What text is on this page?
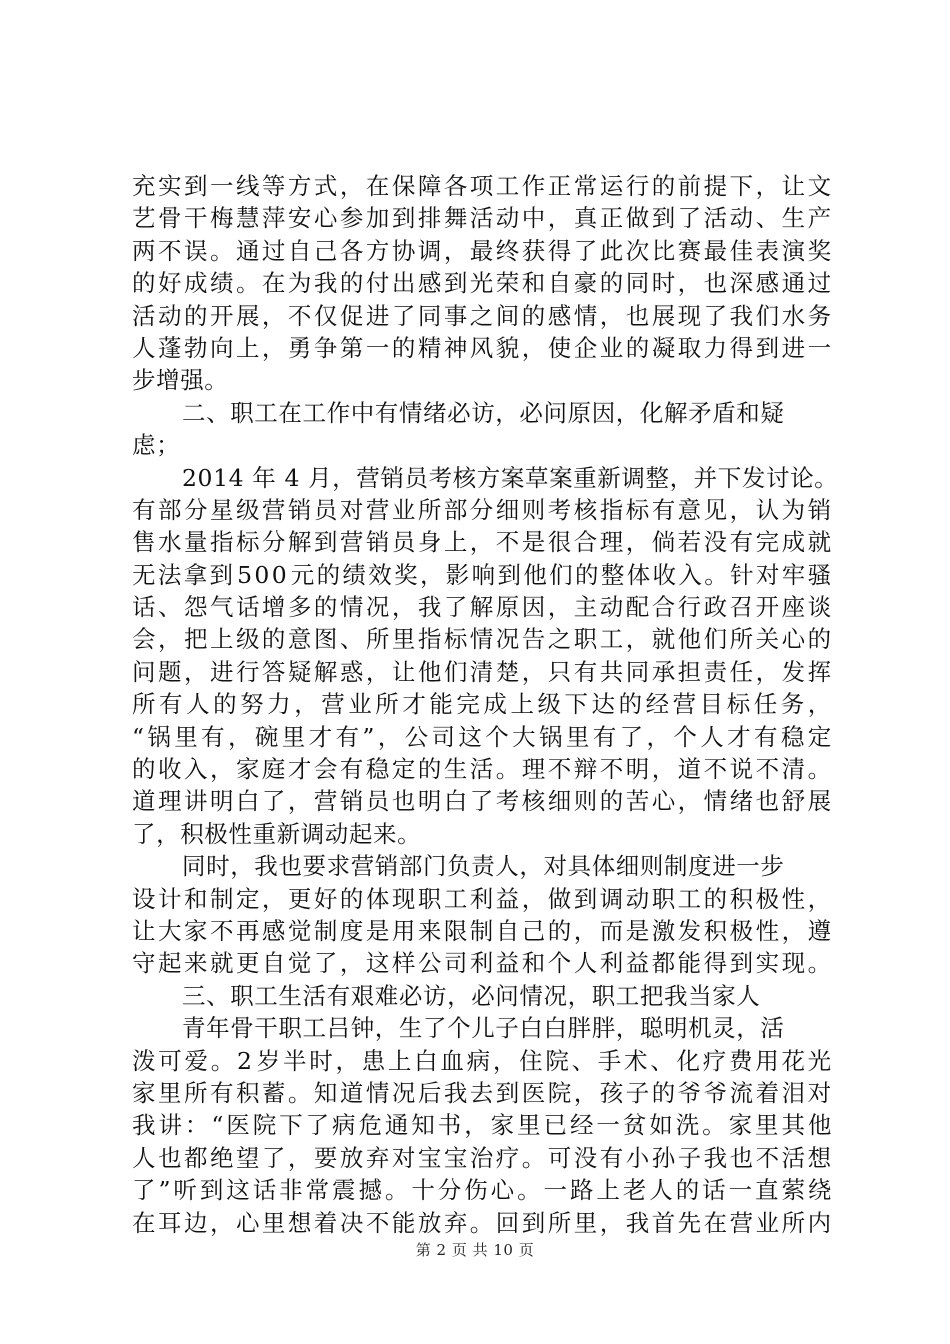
充 实 到 一 线 等 方 式 ， 在 保 障 各 项 工 作 正 常 运 行 的 前 提 下 ， 让 文
艺 骨 干 梅 慧 萍 安 心 参 加 到 排 舞 活 动 中 ， 真 正 做 到 了 活 动 、 生 产
两 不 误 。 通 过 自 己 各 方 协 调 ， 最 终 获 得 了 此 次 比 赛 最 佳 表 演 奖
的 好 成 绩 。 在 为 我 的 付 出 感 到 光 荣 和 自 豪 的 同 时 ， 也 深 感 通 过
活 动 的 开 展 ， 不 仅 促 进 了 同 事 之 间 的 感 情 ， 也 展 现 了 我 们 水 务
人 蓬 勃 向 上 ， 勇 争 第 一 的 精 神 风 貌 ， 使 企 业 的 凝 取 力 得 到 进 一
步增强。
二、职工在工作中有情绪必访，必问原因，化解矛盾和疑
虑；
2014 年 4 月，营销员考核方案草案重新调整，并下发讨论。
有 部 分 星 级 营 销 员 对 营 业 所 部 分 细 则 考 核 指 标 有 意 见 ， 认 为 销
售 水 量 指 标 分 解 到 营 销 员 身 上 ， 不 是 很 合 理 ， 倘 若 没 有 完 成 就
无 法 拿 到 5 0 0 元 的 绩 效 奖 ， 影 响 到 他 们 的 整 体 收 入 。 针 对 牢 骚
话 、 怨 气 话 增 多 的 情 况 ， 我 了 解 原 因 ， 主 动 配 合 行 政 召 开 座 谈
会 ， 把 上 级 的 意 图 、 所 里 指 标 情 况 告 之 职 工 ， 就 他 们 所 关 心 的
问 题 ， 进 行 答 疑 解 惑 ， 让 他 们 清 楚 ， 只 有 共 同 承 担 责 任 ， 发 挥
所 有 人 的 努 力 ， 营 业 所 才 能 完 成 上 级 下 达 的 经 营 目 标 任 务 ，
“ 锅 里 有 ， 碗 里 才 有 ” ， 公 司 这 个 大 锅 里 有 了 ， 个 人 才 有 稳 定
的 收 入 ， 家 庭 才 会 有 稳 定 的 生 活 。 理 不 辩 不 明 ， 道 不 说 不 清 。
道 理 讲 明 白 了 ， 营 销 员 也 明 白 了 考 核 细 则 的 苦 心 ， 情 绪 也 舒 展
了，积极性重新调动起来。
同时，我也要求营销部门负责人，对具体细则制度进一步
设 计 和 制 定 ， 更 好 的 体 现 职 工 利 益 ， 做 到 调 动 职 工 的 积 极 性 ，
让 大 家 不 再 感 觉 制 度 是 用 来 限 制 自 己 的 ， 而 是 激 发 积 极 性 ， 遵
守 起 来 就 更 自 觉 了 ， 这 样 公 司 利 益 和 个 人 利 益 都 能 得 到 实 现 。
三、职工生活有艰难必访，必问情况，职工把我当家人
青年骨干职工吕钟，生了个儿子白白胖胖，聪明机灵，活
泼 可 爱 。 2 岁 半 时 ， 患 上 白 血 病 ， 住 院 、 手 术 、 化 疗 费 用 花 光
家 里 所 有 积 蓄 。 知 道 情 况 后 我 去 到 医 院 ， 孩 子 的 爷 爷 流 着 泪 对
我 讲 ： “ 医 院 下 了 病 危 通 知 书 ， 家 里 已 经 一 贫 如 洗 。 家 里 其 他
人 也 都 绝 望 了 ， 要 放 弃 对 宝 宝 治 疗 。 可 没 有 小 孙 子 我 也 不 活 想
了 ” 听 到 这 话 非 常 震 撼 。 十 分 伤 心 。 一 路 上 老 人 的 话 一 直 萦 绕
在 耳 边 ， 心 里 想 着 决 不 能 放 弃 。 回 到 所 里 ， 我 首 先 在 营 业 所 内
第 2 页 共 10 页
